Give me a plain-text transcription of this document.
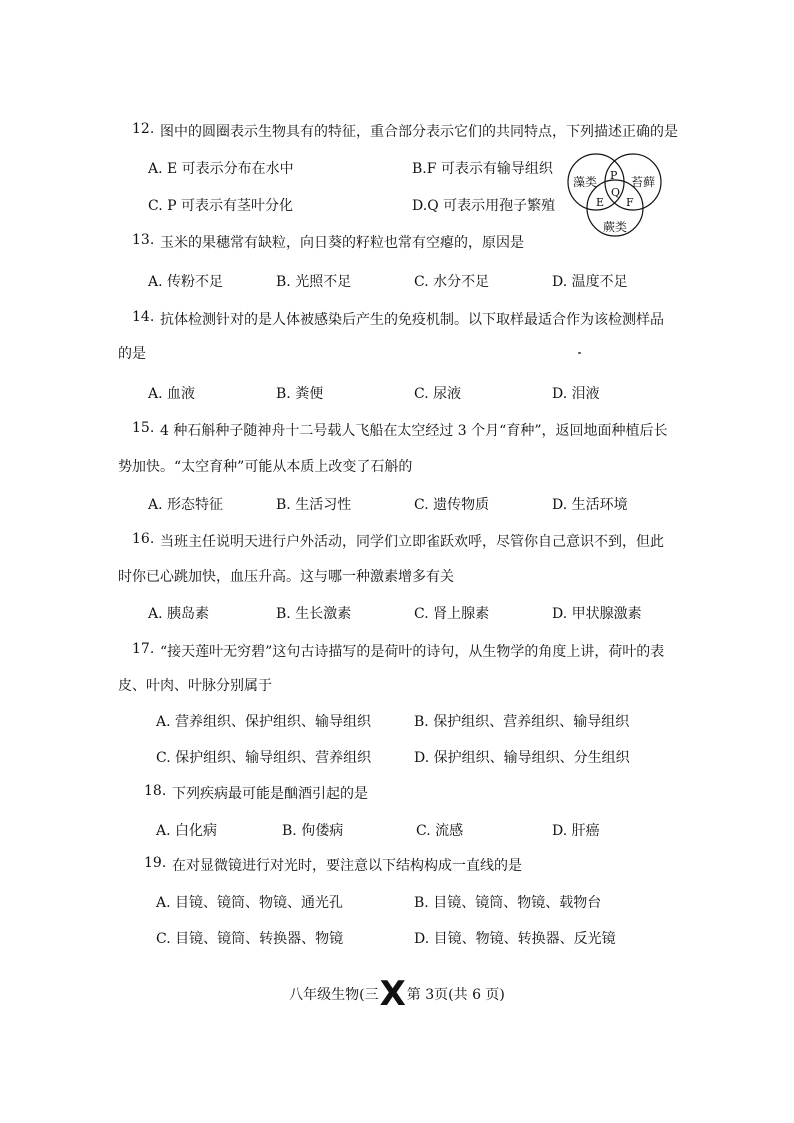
12. 图中的圆圈表示生物具有的特征，重合部分表示它们的共同特点，下列描述正确的是
A. E 可表示分布在水中	B.F 可表示有输导组织
C. P 可表示有茎叶分化	D.Q 可表示用孢子繁殖
藻类	苔藓
蕨类
P
Q
E F
13. 玉米的果穗常有缺粒，向日葵的籽粒也常有空瘪的，原因是
A. 传粉不足	B. 光照不足	C. 水分不足	D. 温度不足
14. 抗体检测针对的是人体被感染后产生的免疫机制。以下取样最适合作为该检测样品
的是
A. 血液	B. 粪便	C. 尿液	D. 泪液
15. 4 种石斛种子随神舟十二号载人飞船在太空经过 3 个月“育种”，返回地面种植后长
势加快。“太空育种”可能从本质上改变了石斛的
A. 形态特征	B. 生活习性	C. 遗传物质	D. 生活环境
16. 当班主任说明天进行户外活动，同学们立即雀跃欢呼，尽管你自己意识不到，但此
时你已心跳加快，血压升高。这与哪一种激素增多有关
A. 胰岛素	B. 生长激素	C. 肾上腺素	D. 甲状腺激素
17. “接天莲叶无穷碧”这句古诗描写的是荷叶的诗句，从生物学的角度上讲，荷叶的表
皮、叶肉、叶脉分别属于
A. 营养组织、保护组织、输导组织	B. 保护组织、营养组织、输导组织
C. 保护组织、输导组织、营养组织	D. 保护组织、输导组织、分生组织
18. 下列疾病最可能是酗酒引起的是
A. 白化病	B. 佝偻病	C. 流感	D. 肝癌
19. 在对显微镜进行对光时，要注意以下结构构成一直线的是
A. 目镜、镜筒、物镜、通光孔	B. 目镜、镜筒、物镜、载物台
C. 目镜、镜筒、转换器、物镜	D. 目镜、物镜、转换器、反光镜
八年级生物(三X第 3页(共 6 页)
